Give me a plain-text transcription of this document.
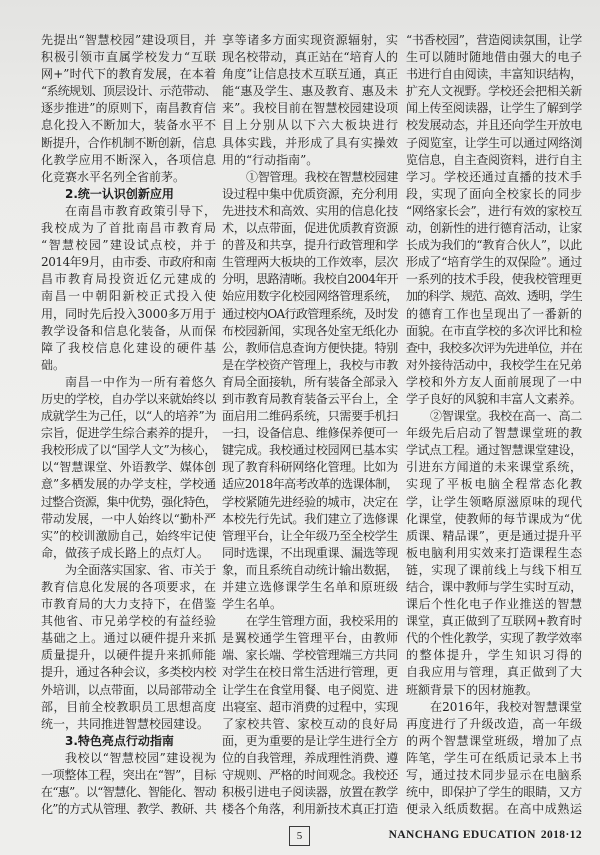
先提出“智慧校园”建设项目，并
积极引领市直属学校发力“互联
网+”时代下的教育发展，在本着
“系统规划、顶层设计、示范带动、
逐步推进”的原则下，南昌教育信
息化投入不断加大，装备水平不
断提升，合作机制不断创新，信息
化教学应用不断深入，各项信息
化竞赛水平名列全省前茅。
2.统一认识创新应用
在南昌市教育政策引导下，
我校成为了首批南昌市教育局
“智慧校园”建设试点校，并于
2014年9月，由市委、市政府和南
昌市教育局投资近亿元建成的
南昌一中朝阳新校正式投入使
用，同时先后投入3000多万用于
教学设备和信息化装备，从而保
障了我校信息化建设的硬件基
础。
南昌一中作为一所有着悠久
历史的学校，自办学以来就始终以
成就学生为己任，以“人的培养”为
宗旨，促进学生综合素养的提升，
我校形成了以“国学人文”为核心，
以“智慧课堂、外语教学、媒体创
意”多栖发展的办学支柱，学校通
过整合资源，集中优势，强化特色，
带动发展，一中人始终以“勤朴严
实”的校训激励自己，始终牢记使
命，做孩子成长路上的点灯人。
为全面落实国家、省、市关于
教育信息化发展的各项要求，在
市教育局的大力支持下，在借鉴
其他省、市兄弟学校的有益经验
基础之上。通过以硬件提升来抓
质量提升，以硬件提升来抓师能
提升，通过各种会议，多类校内校
外培训，以点带面，以局部带动全
部，目前全校教职员工思想高度
统一，共同推进智慧校园建设。
3.特色亮点行动指南
我校以“智慧校园”建设视为
一项整体工程，突出在“智”，目标
在“惠”。以“智慧化、智能化、智动
化”的方式从管理、教学、教研、共
享等诸多方面实现资源辐射，实
现名校带动，真正站在“培育人的
角度”让信息技术互联互通，真正
能“惠及学生、惠及教育、惠及未
来”。我校目前在智慧校园建设项
目上分别从以下六大板块进行
具体实践，并形成了具有实操效
用的“行动指南”。
①智管理。我校在智慧校园建
设过程中集中优质资源，充分利用
先进技术和高效、实用的信息化技
术，以点带面，促进优质教育资源
的普及和共享，提升行政管理和学
生管理两大板块的工作效率，层次
分明，思路清晰。我校自2004年开
始应用数字化校园网络管理系统，
通过校内OA行政管理系统，及时发
布校园新闻，实现各处室无纸化办
公，教师信息查询方便快捷。特别
是在学校资产管理上，我校与市教
育局全面接轨，所有装备全部录入
到市教育局教育装备云平台上，全
面启用二维码系统，只需要手机扫
一扫，设备信息、维修保养便可一
键完成。我校通过校园网已基本实
现了教育科研网络化管理。比如为
适应2018年高考改革的选课体制，
学校紧随先进经验的城市，决定在
本校先行先试。我们建立了选修课
管理平台，让全年级乃至全校学生
同时选课，不出现重课、漏选等现
象，而且系统自动统计输出数据，
并建立选修课学生名单和原班级
学生名单。
在学生管理方面，我校采用的
是翼校通学生管理平台，由教师
端、家长端、学校管理端三方共同
对学生在校日常生活进行管理，更
让学生在食堂用餐、电子阅览、进
出寝室、超市消费的过程中，实现
了家校共管、家校互动的良好局
面，更为重要的是让学生进行全方
位的自我管理，养成理性消费、遵
守规则、严格的时间观念。我校还
积极引进电子阅读器，放置在教学
楼各个角落，利用新技术真正打造
“书香校园”，营造阅读氛围，让学
生可以随时随地借由强大的电子
书进行自由阅读，丰富知识结构，
扩充人文视野。学校还会把相关新
闻上传至阅读器，让学生了解到学
校发展动态，并且还向学生开放电
子阅览室，让学生可以通过网络浏
览信息，自主查阅资料，进行自主
学习。学校还通过直播的技术手
段，实现了面向全校家长的同步
“网络家长会”，进行有效的家校互
动，创新性的进行德育活动，让家
长成为我们的“教育合伙人”，以此
形成了“培育学生的双保险”。通过
一系列的技术手段，使我校管理更
加的科学、规范、高效、透明，学生
的德育工作也呈现出了一番新的
面貌。在市直学校的多次评比和检
查中，我校多次评为先进单位，并在
对外接待活动中，我校学生在兄弟
学校和外方友人面前展现了一中
学子良好的风貌和丰富人文素养。
②智课堂。我校在高一、高二
年级先后启动了智慧课堂班的教
学试点工程。通过智慧课堂建设，
引进东方闻道的未来课堂系统，
实现了平板电脑全程常态化教
学，让学生领略原滋原味的现代
化课堂，使教师的每节课成为“优
质课、精品课”，更是通过提升平
板电脑利用实效来打造课程生态
链，实现了课前线上与线下相互
结合，课中教师与学生实时互动，
课后个性化电子作业推送的智慧
课堂，真正做到了互联网+教育时
代的个性化教学，实现了教学效率
的整体提升，学生知识习得的
自我应用与管理，真正做到了大
班额背景下的因材施教。
在2016年，我校对智慧课堂
再度进行了升级改造，高一年级
的两个智慧课堂班级，增加了点
阵笔，学生可在纸质记录本上书
写，通过技术同步显示在电脑系
统中，即保护了学生的眼睛，又方
便录入纸质数据。在高中成熟运
5	NANCHANG EDUCATION 2018·12
